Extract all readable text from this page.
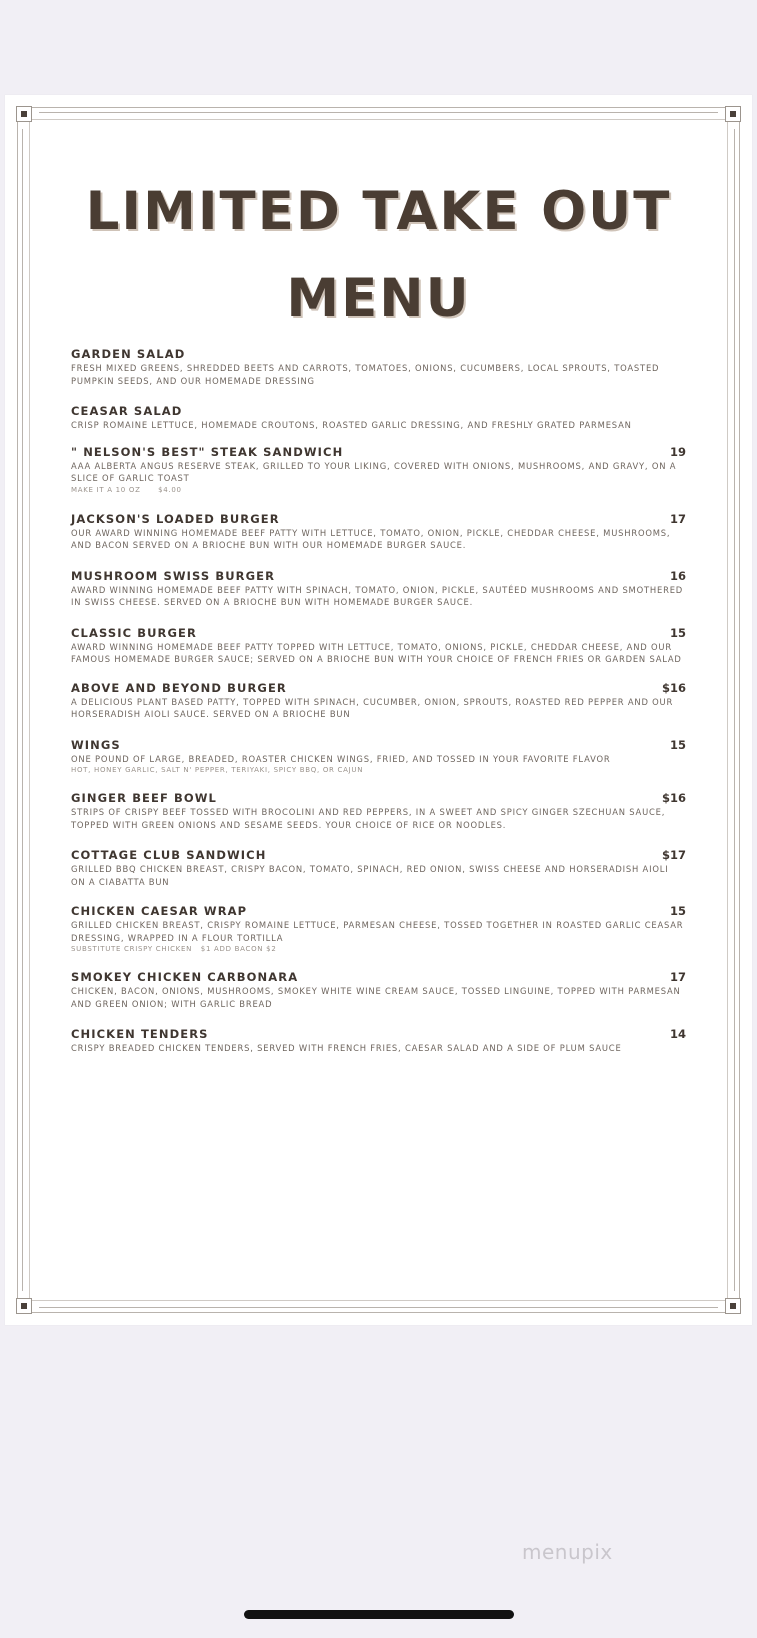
LIMITED TAKE OUT
MENU
GARDEN SALAD
FRESH MIXED GREENS, SHREDDED BEETS AND CARROTS, TOMATOES, ONIONS, CUCUMBERS, LOCAL SPROUTS, TOASTED PUMPKIN SEEDS, AND OUR HOMEMADE DRESSING
CEASAR SALAD
CRISP ROMAINE LETTUCE, HOMEMADE CROUTONS, ROASTED GARLIC DRESSING, AND FRESHLY GRATED PARMESAN
" NELSON'S BEST" STEAK SANDWICH	19
AAA ALBERTA ANGUS RESERVE STEAK, GRILLED TO YOUR LIKING, COVERED WITH ONIONS, MUSHROOMS, AND GRAVY, ON A SLICE OF GARLIC TOAST
MAKE IT A 10 OZ      $4.00
JACKSON'S LOADED BURGER	17
OUR AWARD WINNING HOMEMADE BEEF PATTY WITH LETTUCE, TOMATO, ONION, PICKLE, CHEDDAR CHEESE, MUSHROOMS, AND BACON SERVED ON A BRIOCHE BUN WITH OUR HOMEMADE BURGER SAUCE.
MUSHROOM SWISS BURGER	16
AWARD WINNING HOMEMADE BEEF PATTY WITH SPINACH, TOMATO, ONION, PICKLE, SAUTÉED MUSHROOMS AND SMOTHERED IN SWISS CHEESE. SERVED ON A BRIOCHE BUN WITH HOMEMADE BURGER SAUCE.
CLASSIC BURGER	15
AWARD WINNING HOMEMADE BEEF PATTY TOPPED WITH LETTUCE, TOMATO, ONIONS, PICKLE, CHEDDAR CHEESE, AND OUR FAMOUS HOMEMADE BURGER SAUCE; SERVED ON A BRIOCHE BUN WITH YOUR CHOICE OF FRENCH FRIES OR GARDEN SALAD
ABOVE AND BEYOND BURGER	$16
A DELICIOUS PLANT BASED PATTY, TOPPED WITH SPINACH, CUCUMBER, ONION, SPROUTS, ROASTED RED PEPPER AND OUR HORSERADISH AIOLI SAUCE. SERVED ON A BRIOCHE BUN
WINGS	15
ONE POUND OF LARGE, BREADED, ROASTER CHICKEN WINGS, FRIED, AND TOSSED IN YOUR FAVORITE FLAVOR
HOT, HONEY GARLIC, SALT N' PEPPER, TERIYAKI, SPICY BBQ, OR CAJUN
GINGER BEEF BOWL	$16
STRIPS OF CRISPY BEEF TOSSED WITH BROCOLINI AND RED PEPPERS, IN A SWEET AND SPICY GINGER SZECHUAN SAUCE, TOPPED WITH GREEN ONIONS AND SESAME SEEDS. YOUR CHOICE OF RICE OR NOODLES.
COTTAGE CLUB SANDWICH	$17
GRILLED BBQ CHICKEN BREAST, CRISPY BACON, TOMATO, SPINACH, RED ONION, SWISS CHEESE AND HORSERADISH AIOLI ON A CIABATTA BUN
CHICKEN CAESAR WRAP	15
GRILLED CHICKEN BREAST, CRISPY ROMAINE LETTUCE, PARMESAN CHEESE, TOSSED TOGETHER IN ROASTED GARLIC CEASAR DRESSING, WRAPPED IN A FLOUR TORTILLA
SUBSTITUTE CRISPY CHICKEN   $1 ADD BACON $2
SMOKEY CHICKEN CARBONARA	17
CHICKEN, BACON, ONIONS, MUSHROOMS, SMOKEY WHITE WINE CREAM SAUCE, TOSSED LINGUINE, TOPPED WITH PARMESAN AND GREEN ONION; WITH GARLIC BREAD
CHICKEN TENDERS	14
CRISPY BREADED CHICKEN TENDERS, SERVED WITH FRENCH FRIES, CAESAR SALAD AND A SIDE OF PLUM SAUCE
menupix
